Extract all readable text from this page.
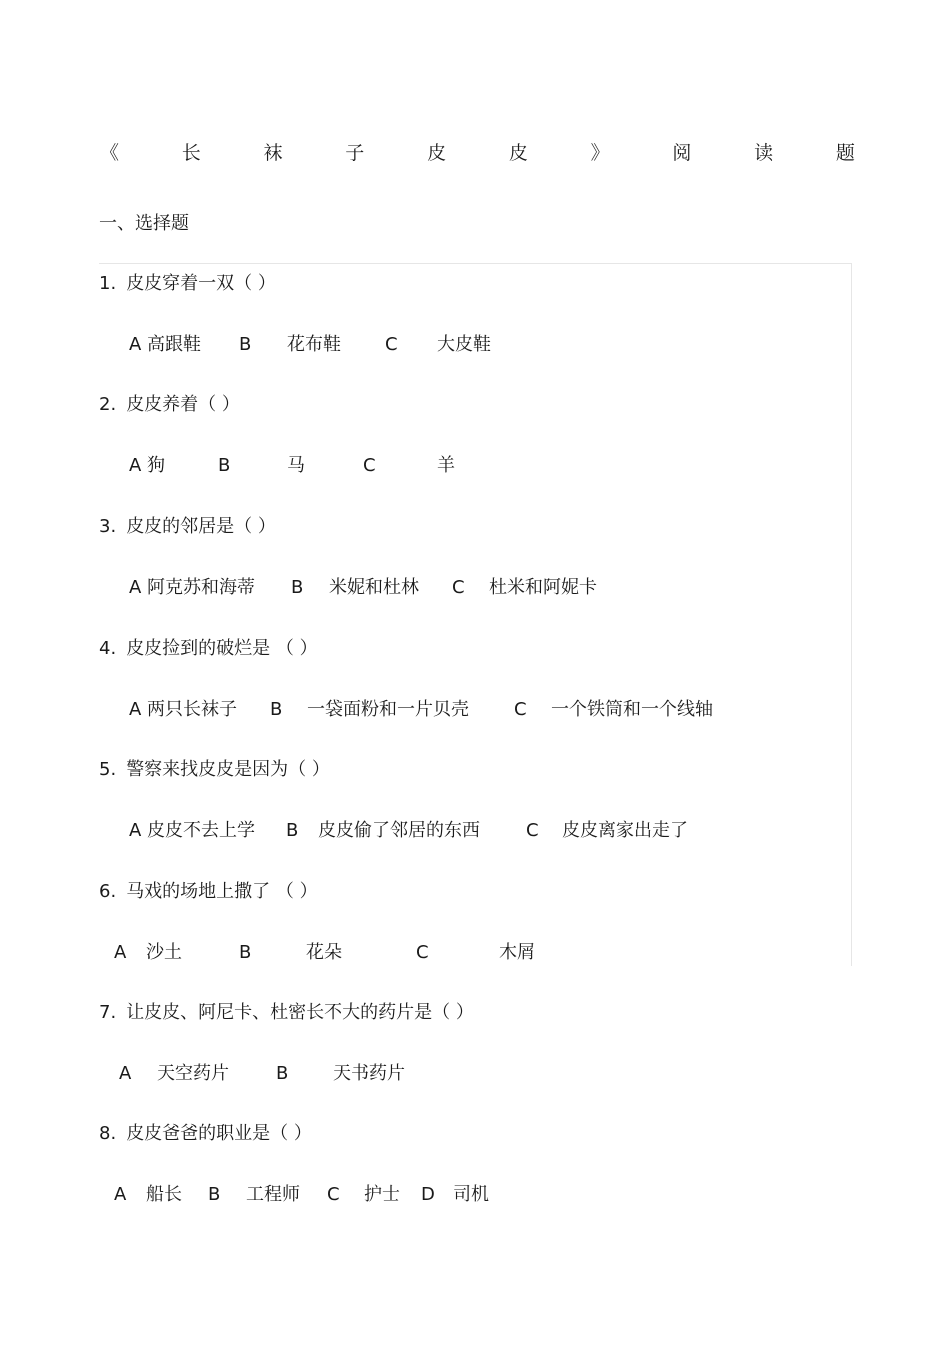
《	长	袜	子	皮	皮	》	阅	读	题
一、选择题
1. 皮皮穿着一双（ ）
A 高跟鞋 B 花布鞋 C 大皮鞋
2. 皮皮养着（ ）
A 狗	B	马	C	羊
3. 皮皮的邻居是（ ）
A 阿克苏和海蒂 B 米妮和杜林 C 杜米和阿妮卡
4. 皮皮捡到的破烂是 （ ）
A 两只长袜子 B 一袋面粉和一片贝壳	C 一个铁筒和一个线轴
5. 警察来找皮皮是因为（ ）
A 皮皮不去上学 B 皮皮偷了邻居的东西	C 皮皮离家出走了
6. 马戏的场地上撒了 （ ）
A 沙土	B	花朵	C	木屑
7. 让皮皮、阿尼卡、杜密长不大的药片是（ ）
A 天空药片	B 天书药片
8. 皮皮爸爸的职业是（ ）
A 船长 B 工程师 C 护士 D 司机
